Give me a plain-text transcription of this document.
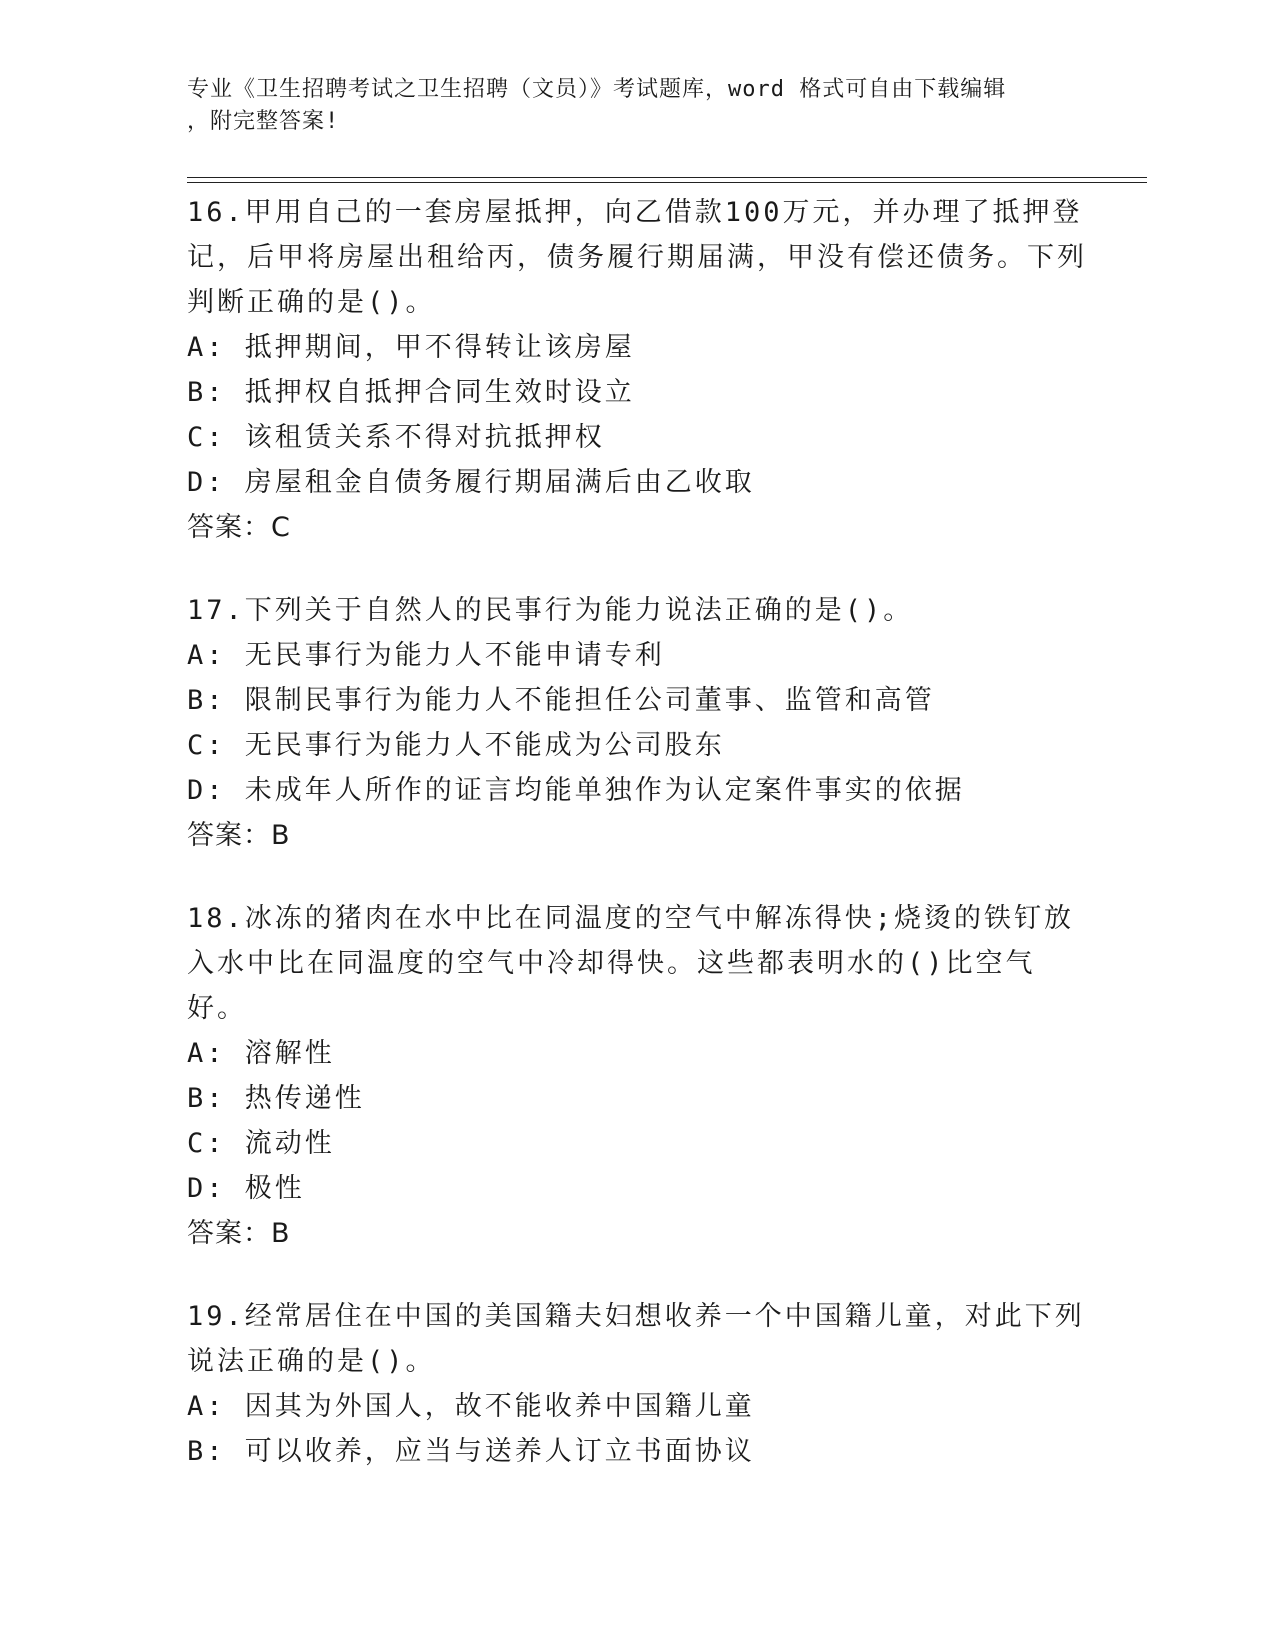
专业《卫生招聘考试之卫生招聘（文员）》考试题库，word 格式可自由下载编辑
，附完整答案!
16.甲用自己的一套房屋抵押，向乙借款100万元，并办理了抵押登记，后甲将房屋出租给丙，债务履行期届满，甲没有偿还债务。下列判断正确的是()。
A: 抵押期间，甲不得转让该房屋
B: 抵押权自抵押合同生效时设立
C: 该租赁关系不得对抗抵押权
D: 房屋租金自债务履行期届满后由乙收取
答案：C
17.下列关于自然人的民事行为能力说法正确的是()。
A: 无民事行为能力人不能申请专利
B: 限制民事行为能力人不能担任公司董事、监管和高管
C: 无民事行为能力人不能成为公司股东
D: 未成年人所作的证言均能单独作为认定案件事实的依据
答案：B
18.冰冻的猪肉在水中比在同温度的空气中解冻得快;烧烫的铁钉放入水中比在同温度的空气中冷却得快。这些都表明水的()比空气好。
A: 溶解性
B: 热传递性
C: 流动性
D: 极性
答案：B
19.经常居住在中国的美国籍夫妇想收养一个中国籍儿童，对此下列说法正确的是()。
A: 因其为外国人，故不能收养中国籍儿童
B: 可以收养，应当与送养人订立书面协议
